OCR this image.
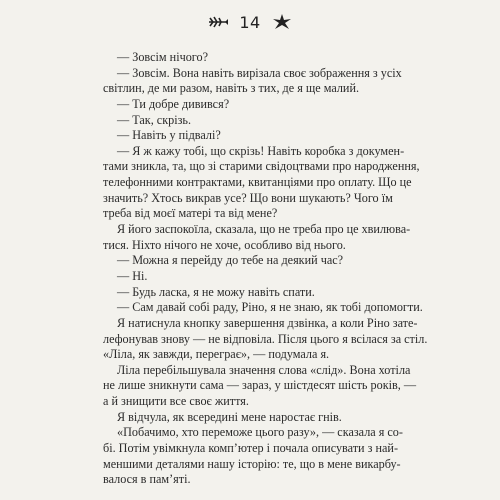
14
— Зовсім нічого?
— Зовсім. Вона навіть вирізала своє зображення з усіх
світлин, де ми разом, навіть з тих, де я ще малий.
— Ти добре дивився?
— Так, скрізь.
— Навіть у підвалі?
— Я ж кажу тобі, що скрізь! Навіть коробка з докумен-
тами зникла, та, що зі старими свідоцтвами про народження,
телефонними контрактами, квитанціями про оплату. Що це
значить? Хтось викрав усе? Що вони шукають? Чого їм
треба від моєї матері та від мене?
Я його заспокоїла, сказала, що не треба про це хвилюва-
тися. Ніхто нічого не хоче, особливо від нього.
— Можна я перейду до тебе на деякий час?
— Ні.
— Будь ласка, я не можу навіть спати.
— Сам давай собі раду, Ріно, я не знаю, як тобі допомогти.
Я натиснула кнопку завершення дзвінка, а коли Ріно зате-
лефонував знову — не відповіла. Після цього я всілася за стіл.
«Ліла, як завжди, переграє», — подумала я.
Ліла перебільшувала значення слова «слід». Вона хотіла
не лише зникнути сама — зараз, у шістдесят шість років, —
а й знищити все своє життя.
Я відчула, як всередині мене наростає гнів.
«Побачимо, хто переможе цього разу», — сказала я со-
бі. Потім увімкнула комп’ютер і почала описувати з най-
меншими деталями нашу історію: те, що в мене викарбу-
валося в пам’яті.
